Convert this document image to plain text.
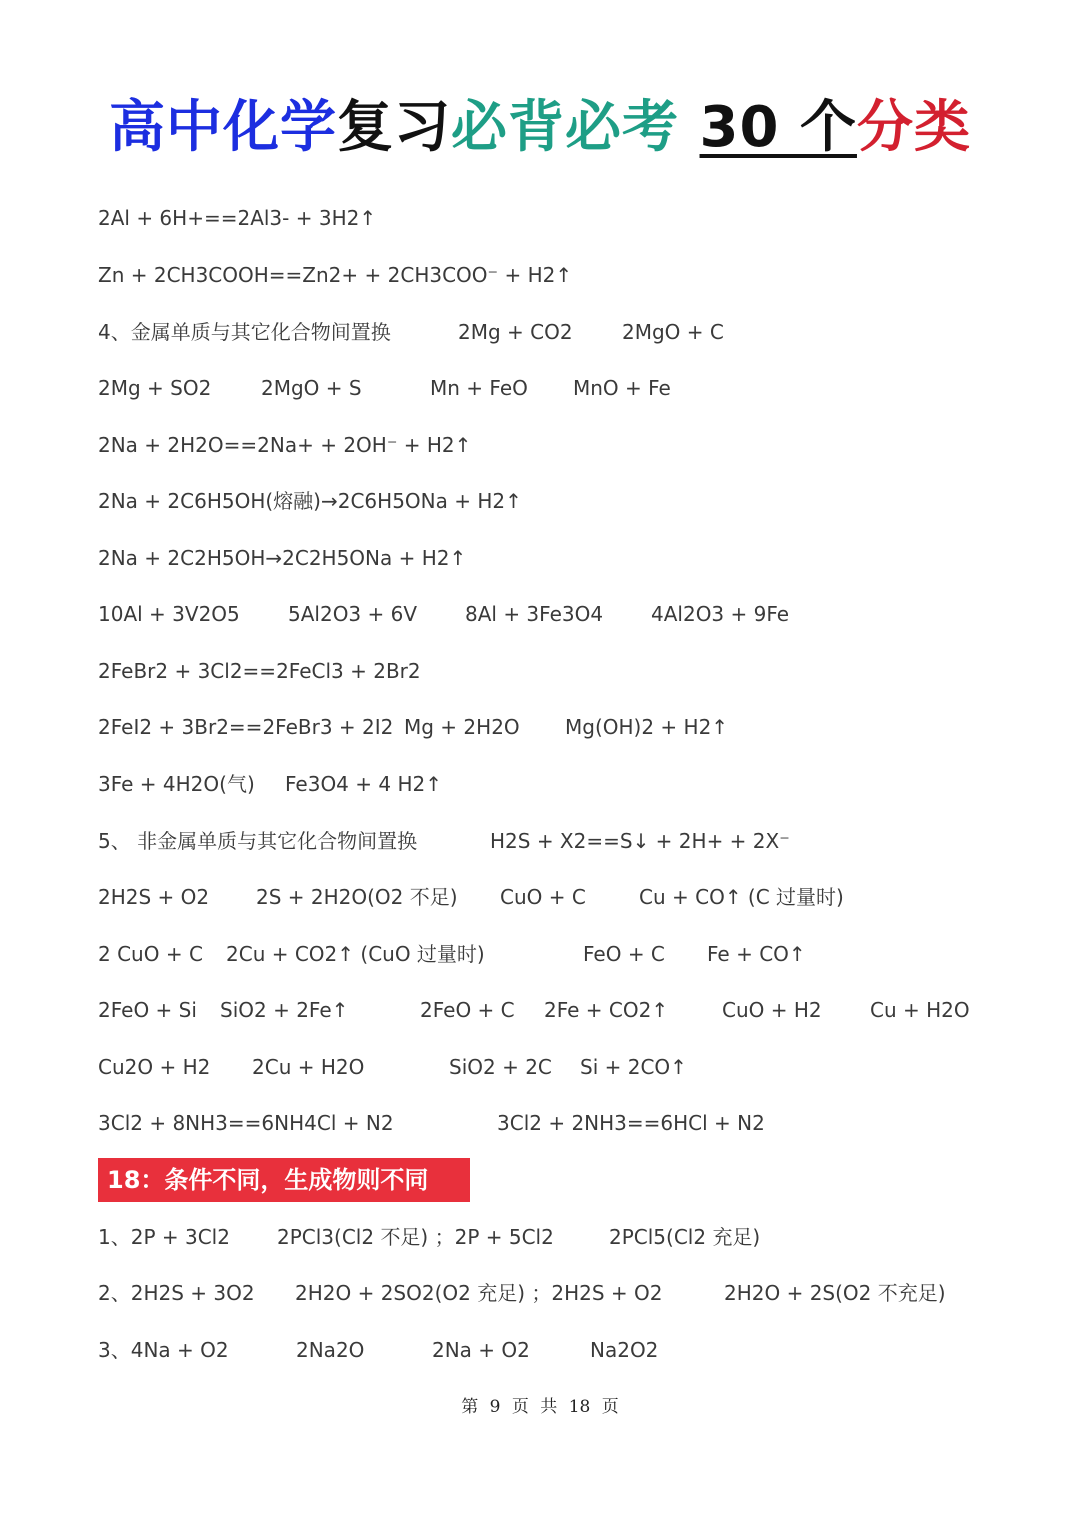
高中化学复习必背必考 30 个分类
2Al + 6H+==2Al3- + 3H2↑
Zn + 2CH3COOH==Zn2+ + 2CH3COO⁻ + H2↑
4、金属单质与其它化合物间置换	2Mg + CO2 2MgO + C
2Mg + SO2 2MgO + S	Mn + FeO MnO + Fe
2Na + 2H2O==2Na+ + 2OH⁻ + H2↑
2Na + 2C6H5OH(熔融)→2C6H5ONa + H2↑
2Na + 2C2H5OH→2C2H5ONa + H2↑
10Al + 3V2O5 5Al2O3 + 6V 8Al + 3Fe3O4 4Al2O3 + 9Fe
2FeBr2 + 3Cl2==2FeCl3 + 2Br2
2FeI2 + 3Br2==2FeBr3 + 2I2 Mg + 2H2O Mg(OH)2 + H2↑
3Fe + 4H2O(气) Fe3O4 + 4 H2↑
5、 非金属单质与其它化合物间置换	H2S + X2==S↓ + 2H+ + 2X⁻
2H2S + O2 2S + 2H2O(O2 不足) CuO + C	Cu + CO↑ (C 过量时)
2 CuO + C 2Cu + CO2↑ (CuO 过量时)	FeO + C Fe + CO↑
2FeO + Si SiO2 + 2Fe↑	2FeO + C 2Fe + CO2↑	CuO + H2 Cu + H2O
Cu2O + H2 2Cu + H2O	SiO2 + 2C Si + 2CO↑
3Cl2 + 8NH3==6NH4Cl + N2	3Cl2 + 2NH3==6HCl + N2
18：条件不同，生成物则不同
1、2P + 3Cl2 2PCl3(Cl2 不足) ；2P + 5Cl2	2PCl5(Cl2 充足)
2、2H2S + 3O2 2H2O + 2SO2(O2 充足) ；2H2S + O2	2H2O + 2S(O2 不充足)
3、4Na + O2	2Na2O	2Na + O2	Na2O2
第 9 页 共 18 页
